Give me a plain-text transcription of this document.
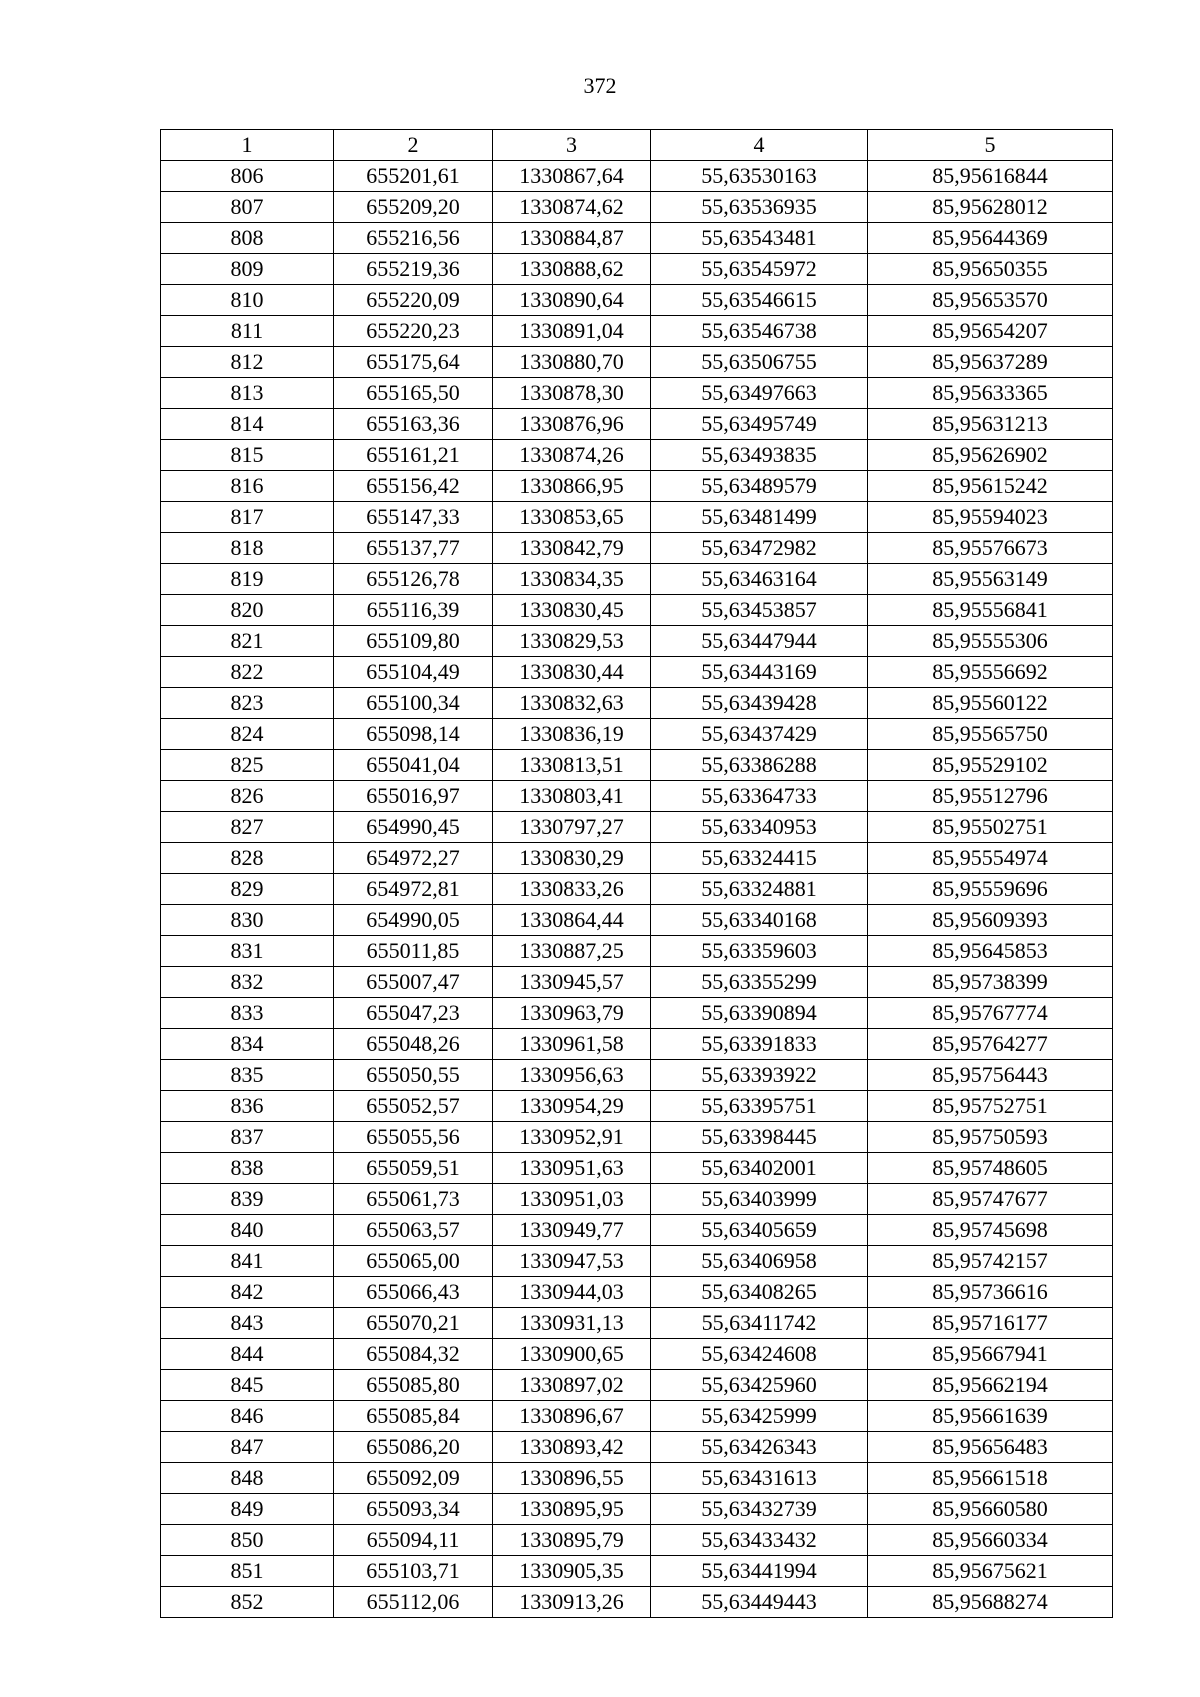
372
1	2	3	4	5
806	655201,61	1330867,64	55,63530163	85,95616844
807	655209,20	1330874,62	55,63536935	85,95628012
808	655216,56	1330884,87	55,63543481	85,95644369
809	655219,36	1330888,62	55,63545972	85,95650355
810	655220,09	1330890,64	55,63546615	85,95653570
811	655220,23	1330891,04	55,63546738	85,95654207
812	655175,64	1330880,70	55,63506755	85,95637289
813	655165,50	1330878,30	55,63497663	85,95633365
814	655163,36	1330876,96	55,63495749	85,95631213
815	655161,21	1330874,26	55,63493835	85,95626902
816	655156,42	1330866,95	55,63489579	85,95615242
817	655147,33	1330853,65	55,63481499	85,95594023
818	655137,77	1330842,79	55,63472982	85,95576673
819	655126,78	1330834,35	55,63463164	85,95563149
820	655116,39	1330830,45	55,63453857	85,95556841
821	655109,80	1330829,53	55,63447944	85,95555306
822	655104,49	1330830,44	55,63443169	85,95556692
823	655100,34	1330832,63	55,63439428	85,95560122
824	655098,14	1330836,19	55,63437429	85,95565750
825	655041,04	1330813,51	55,63386288	85,95529102
826	655016,97	1330803,41	55,63364733	85,95512796
827	654990,45	1330797,27	55,63340953	85,95502751
828	654972,27	1330830,29	55,63324415	85,95554974
829	654972,81	1330833,26	55,63324881	85,95559696
830	654990,05	1330864,44	55,63340168	85,95609393
831	655011,85	1330887,25	55,63359603	85,95645853
832	655007,47	1330945,57	55,63355299	85,95738399
833	655047,23	1330963,79	55,63390894	85,95767774
834	655048,26	1330961,58	55,63391833	85,95764277
835	655050,55	1330956,63	55,63393922	85,95756443
836	655052,57	1330954,29	55,63395751	85,95752751
837	655055,56	1330952,91	55,63398445	85,95750593
838	655059,51	1330951,63	55,63402001	85,95748605
839	655061,73	1330951,03	55,63403999	85,95747677
840	655063,57	1330949,77	55,63405659	85,95745698
841	655065,00	1330947,53	55,63406958	85,95742157
842	655066,43	1330944,03	55,63408265	85,95736616
843	655070,21	1330931,13	55,63411742	85,95716177
844	655084,32	1330900,65	55,63424608	85,95667941
845	655085,80	1330897,02	55,63425960	85,95662194
846	655085,84	1330896,67	55,63425999	85,95661639
847	655086,20	1330893,42	55,63426343	85,95656483
848	655092,09	1330896,55	55,63431613	85,95661518
849	655093,34	1330895,95	55,63432739	85,95660580
850	655094,11	1330895,79	55,63433432	85,95660334
851	655103,71	1330905,35	55,63441994	85,95675621
852	655112,06	1330913,26	55,63449443	85,95688274
